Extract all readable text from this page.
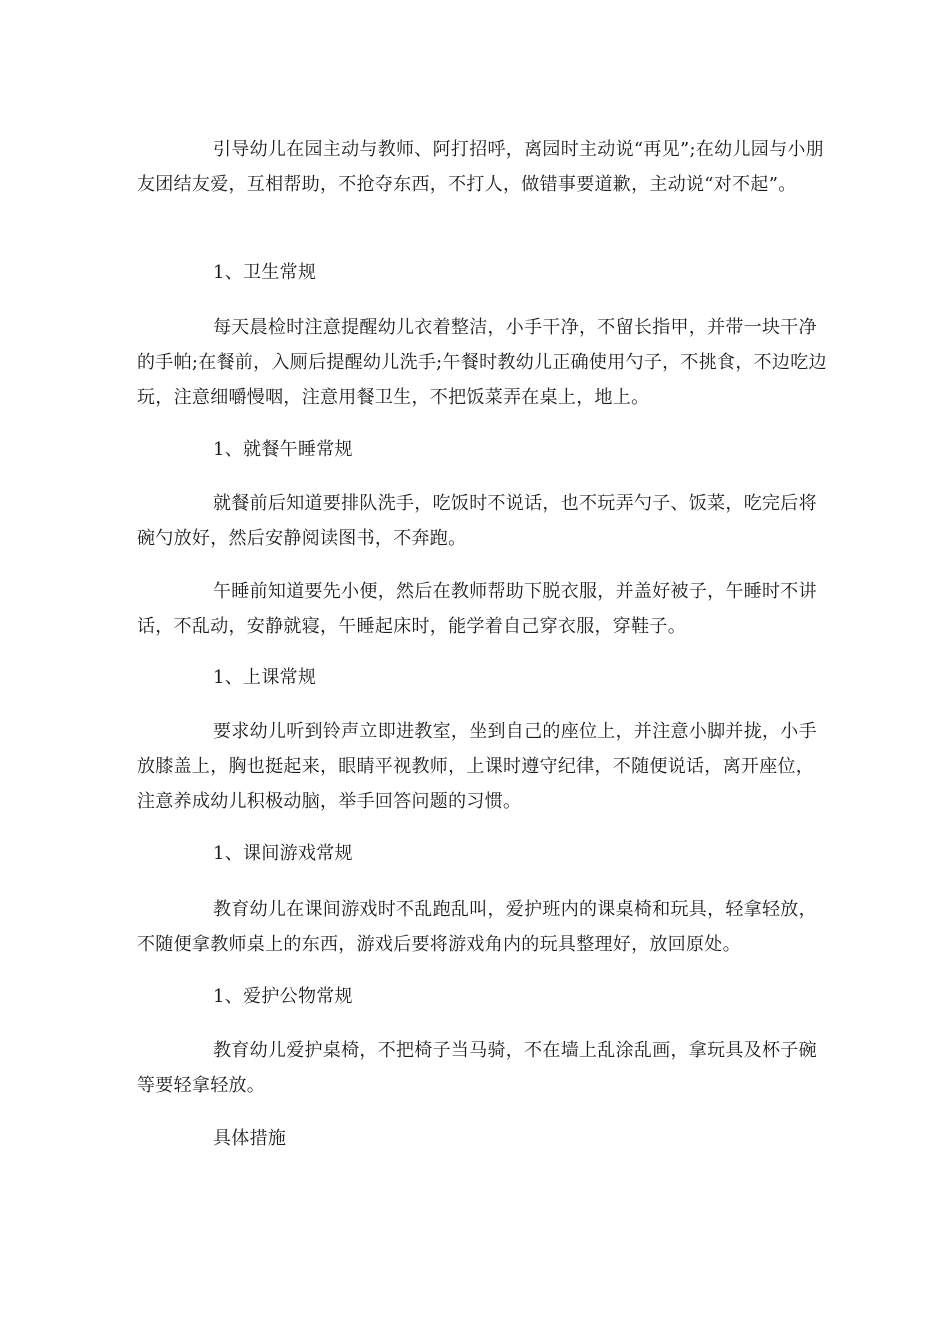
引导幼儿在园主动与教师、阿打招呼，离园时主动说“再见”;在幼儿园与小朋友团结友爱，互相帮助，不抢夺东西，不打人，做错事要道歉，主动说“对不起”。

1、卫生常规

每天晨检时注意提醒幼儿衣着整洁，小手干净，不留长指甲，并带一块干净的手帕;在餐前，入厕后提醒幼儿洗手;午餐时教幼儿正确使用勺子，不挑食，不边吃边玩，注意细嚼慢咽，注意用餐卫生，不把饭菜弄在桌上，地上。

1、就餐午睡常规

就餐前后知道要排队洗手，吃饭时不说话，也不玩弄勺子、饭菜，吃完后将碗勺放好，然后安静阅读图书，不奔跑。

午睡前知道要先小便，然后在教师帮助下脱衣服，并盖好被子，午睡时不讲话，不乱动，安静就寝，午睡起床时，能学着自己穿衣服，穿鞋子。

1、上课常规

要求幼儿听到铃声立即进教室，坐到自己的座位上，并注意小脚并拢，小手放膝盖上，胸也挺起来，眼睛平视教师，上课时遵守纪律，不随便说话，离开座位，注意养成幼儿积极动脑，举手回答问题的习惯。

1、课间游戏常规

教育幼儿在课间游戏时不乱跑乱叫，爱护班内的课桌椅和玩具，轻拿轻放，不随便拿教师桌上的东西，游戏后要将游戏角内的玩具整理好，放回原处。

1、爱护公物常规

教育幼儿爱护桌椅，不把椅子当马骑，不在墙上乱涂乱画，拿玩具及杯子碗等要轻拿轻放。

具体措施
